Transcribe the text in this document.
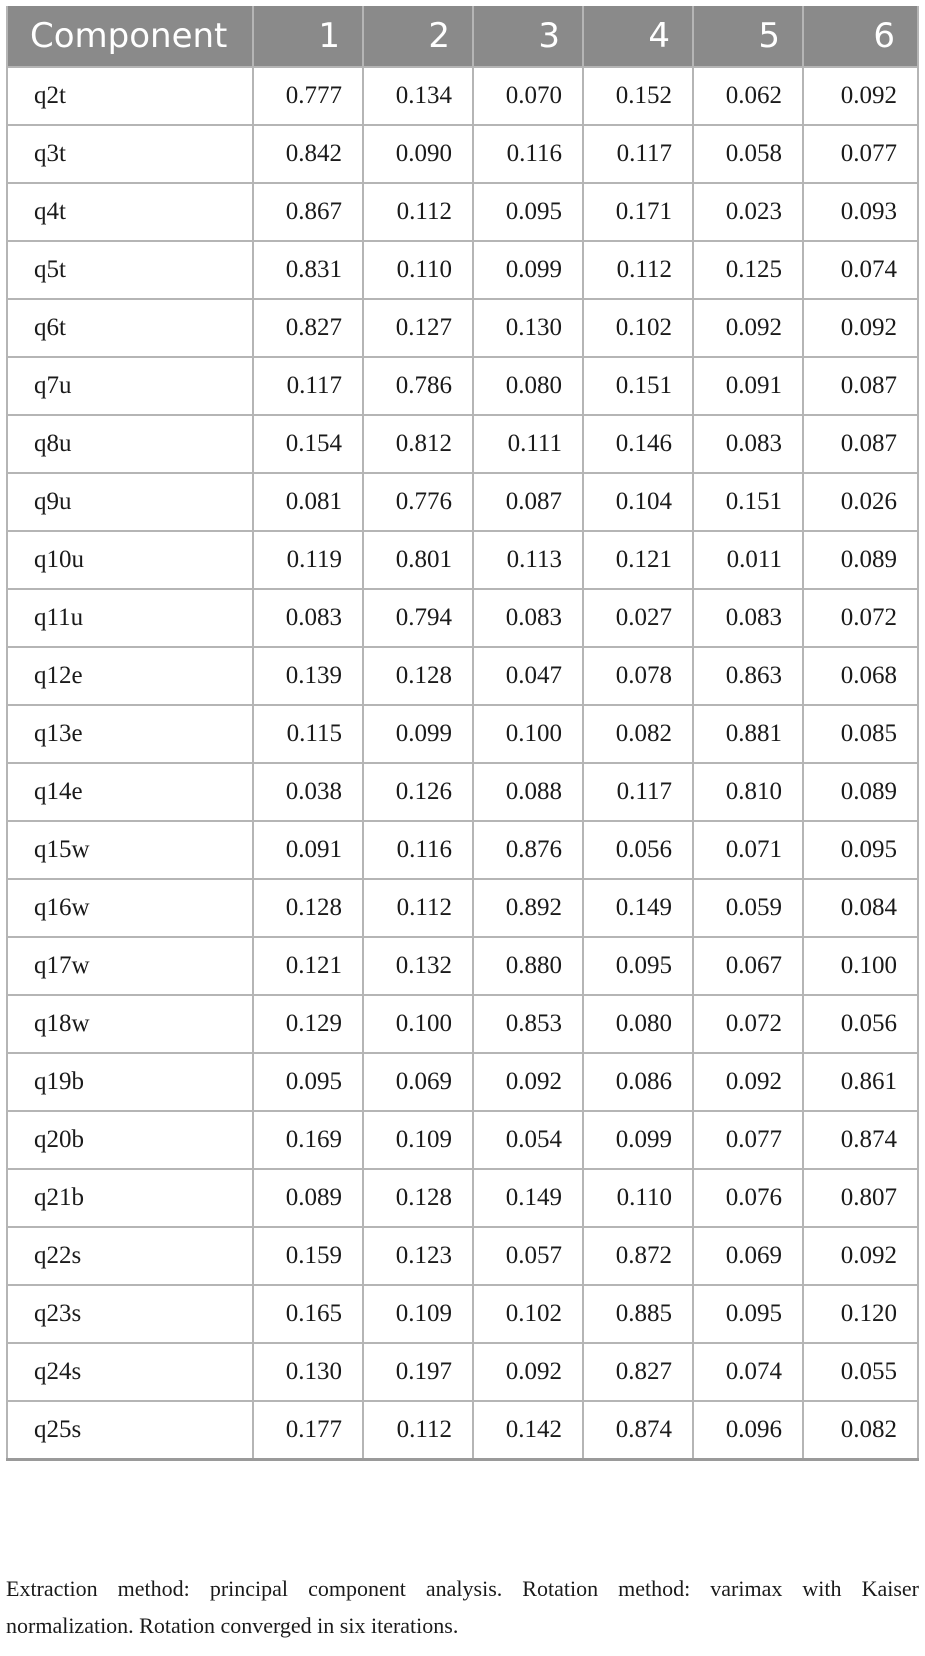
Component	1	2	3	4	5	6
q2t	0.777	0.134	0.070	0.152	0.062	0.092
q3t	0.842	0.090	0.116	0.117	0.058	0.077
q4t	0.867	0.112	0.095	0.171	0.023	0.093
q5t	0.831	0.110	0.099	0.112	0.125	0.074
q6t	0.827	0.127	0.130	0.102	0.092	0.092
q7u	0.117	0.786	0.080	0.151	0.091	0.087
q8u	0.154	0.812	0.111	0.146	0.083	0.087
q9u	0.081	0.776	0.087	0.104	0.151	0.026
q10u	0.119	0.801	0.113	0.121	0.011	0.089
q11u	0.083	0.794	0.083	0.027	0.083	0.072
q12e	0.139	0.128	0.047	0.078	0.863	0.068
q13e	0.115	0.099	0.100	0.082	0.881	0.085
q14e	0.038	0.126	0.088	0.117	0.810	0.089
q15w	0.091	0.116	0.876	0.056	0.071	0.095
q16w	0.128	0.112	0.892	0.149	0.059	0.084
q17w	0.121	0.132	0.880	0.095	0.067	0.100
q18w	0.129	0.100	0.853	0.080	0.072	0.056
q19b	0.095	0.069	0.092	0.086	0.092	0.861
q20b	0.169	0.109	0.054	0.099	0.077	0.874
q21b	0.089	0.128	0.149	0.110	0.076	0.807
q22s	0.159	0.123	0.057	0.872	0.069	0.092
q23s	0.165	0.109	0.102	0.885	0.095	0.120
q24s	0.130	0.197	0.092	0.827	0.074	0.055
q25s	0.177	0.112	0.142	0.874	0.096	0.082

Extraction method: principal component analysis. Rotation method: varimax with Kaiser normalization. Rotation converged in six iterations.
